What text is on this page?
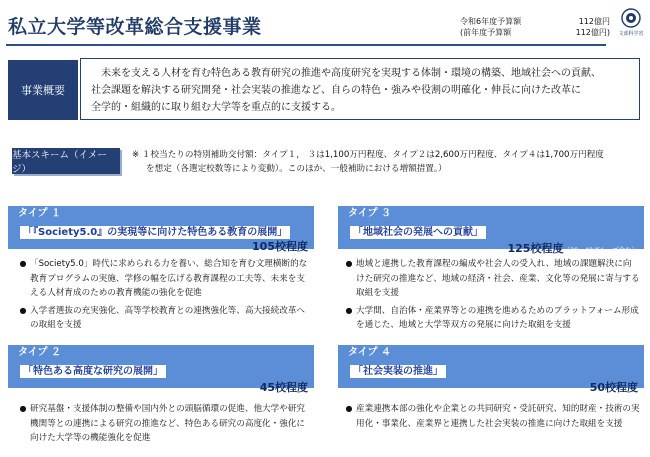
私立大学等改革総合支援事業	令和6年度予算額	112億円
(前年度予算額	112億円) 文部科学省
事業概要

未来を支える人材を育む特色ある教育研究の推進や高度研究を実現する体制・環境の構築、地域社会への貢献、

社会課題を解決する研究開発・社会実装の推進など、自らの特色・強みや役割の明確化・伸長に向けた改革に

全学的・組織的に取り組む大学等を重点的に支援する。

基本スキーム（イメージ）
※ １校当たりの特別補助交付額：タイプ１， ３は1,100万円程度、タイプ２は2,600万円程度、タイプ４は1,700万円程度
を想定（各選定校数等により変動）。このほか、一般補助における増額措置。）
タイプ １
「『Society5.0』の実現等に向けた特色ある教育の展開」
105校程度
● 「Society5.0」時代に求められる力を養い、総合知を育む文理横断的な教育プログラムの実施、学修の幅を広げる教育課程の工夫等、未来を支える人材育成のための教育機能の強化を促進
● 入学者選抜の充実強化、高等学校教育との連携強化等、高大接続改革への取組を支援
タイプ ３
「地域社会の発展への貢献」
125校程度（20～40グループ含む）
● 地域と連携した教育課程の編成や社会人の受入れ、地域の課題解決に向けた研究の推進など、地域の経済・社会、産業、文化等の発展に寄与する取組を支援
● 大学間、自治体・産業界等との連携を進めるためのプラットフォーム形成を通じた、地域と大学等双方の発展に向けた取組を支援
タイプ ２
「特色ある高度な研究の展開」
45校程度
● 研究基盤・支援体制の整備や国内外との頭脳循環の促進、他大学や研究機関等との連携による研究の推進など、特色ある研究の高度化・強化に向けた大学等の機能強化を促進
タイプ ４
「社会実装の推進」
50校程度
● 産業連携本部の強化や企業との共同研究・受託研究、知的財産・技術の実用化・事業化、産業界と連携した社会実装の推進に向けた取組を支援
